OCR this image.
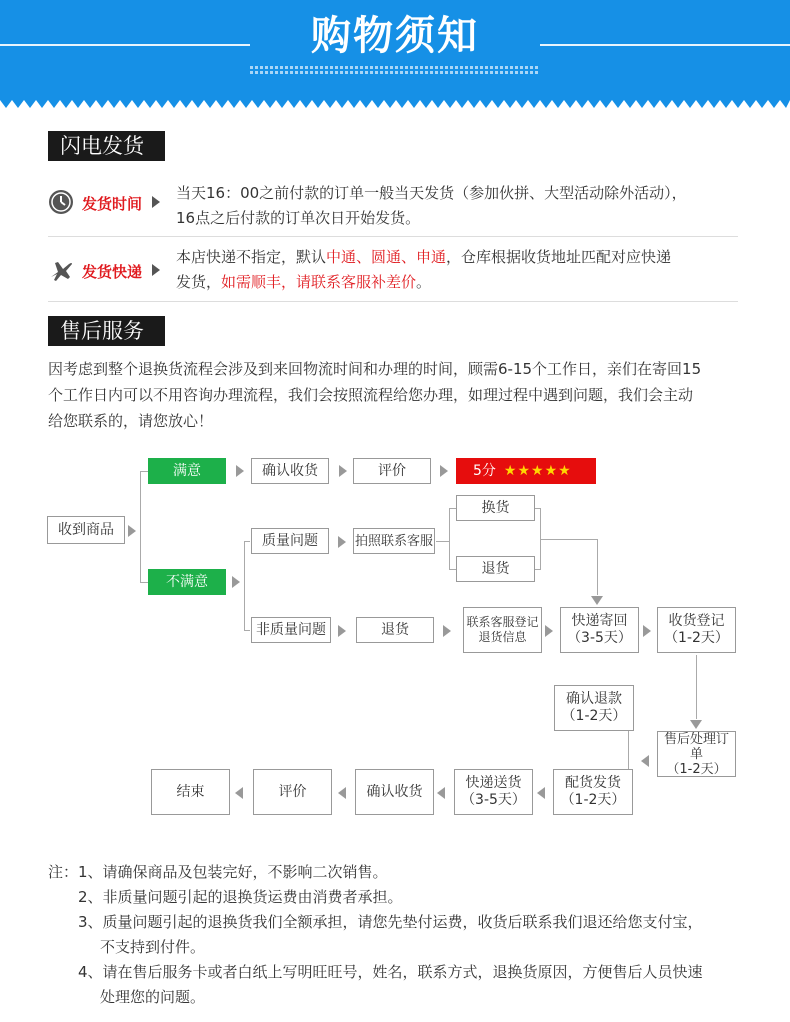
购物须知
闪电发货
发货时间
当天16：00之前付款的订单一般当天发货（参加伙拼、大型活动除外活动），
16点之后付款的订单次日开始发货。
发货快递
本店快递不指定，默认中通、圆通、申通，仓库根据收货地址匹配对应快递
发货，如需顺丰，请联系客服补差价。
售后服务
因考虑到整个退换货流程会涉及到来回物流时间和办理的时间，顾需6-15个工作日，亲们在寄回15
个工作日内可以不用咨询办理流程，我们会按照流程给您办理，如理过程中遇到问题，我们会主动
给您联系的，请您放心！
收到商品
满意	确认收货	评价	5分 ★★★★★
不满意
质量问题	拍照联系客服
换货
退货
非质量问题	退货	联系客服登记
退货信息
快递寄回
（3-5天）
收货登记
（1-2天）
确认退款
（1-2天）
售后处理订单
（1-2天）
结束	评价	确认收货
快递送货
（3-5天）
配货发货
（1-2天）
注：1、请确保商品及包装完好，不影响二次销售。
2、非质量问题引起的退换货运费由消费者承担。
3、质量问题引起的退换货我们全额承担，请您先垫付运费，收货后联系我们退还给您支付宝，
不支持到付件。
4、请在售后服务卡或者白纸上写明旺旺号，姓名，联系方式，退换货原因，方便售后人员快速
处理您的问题。
